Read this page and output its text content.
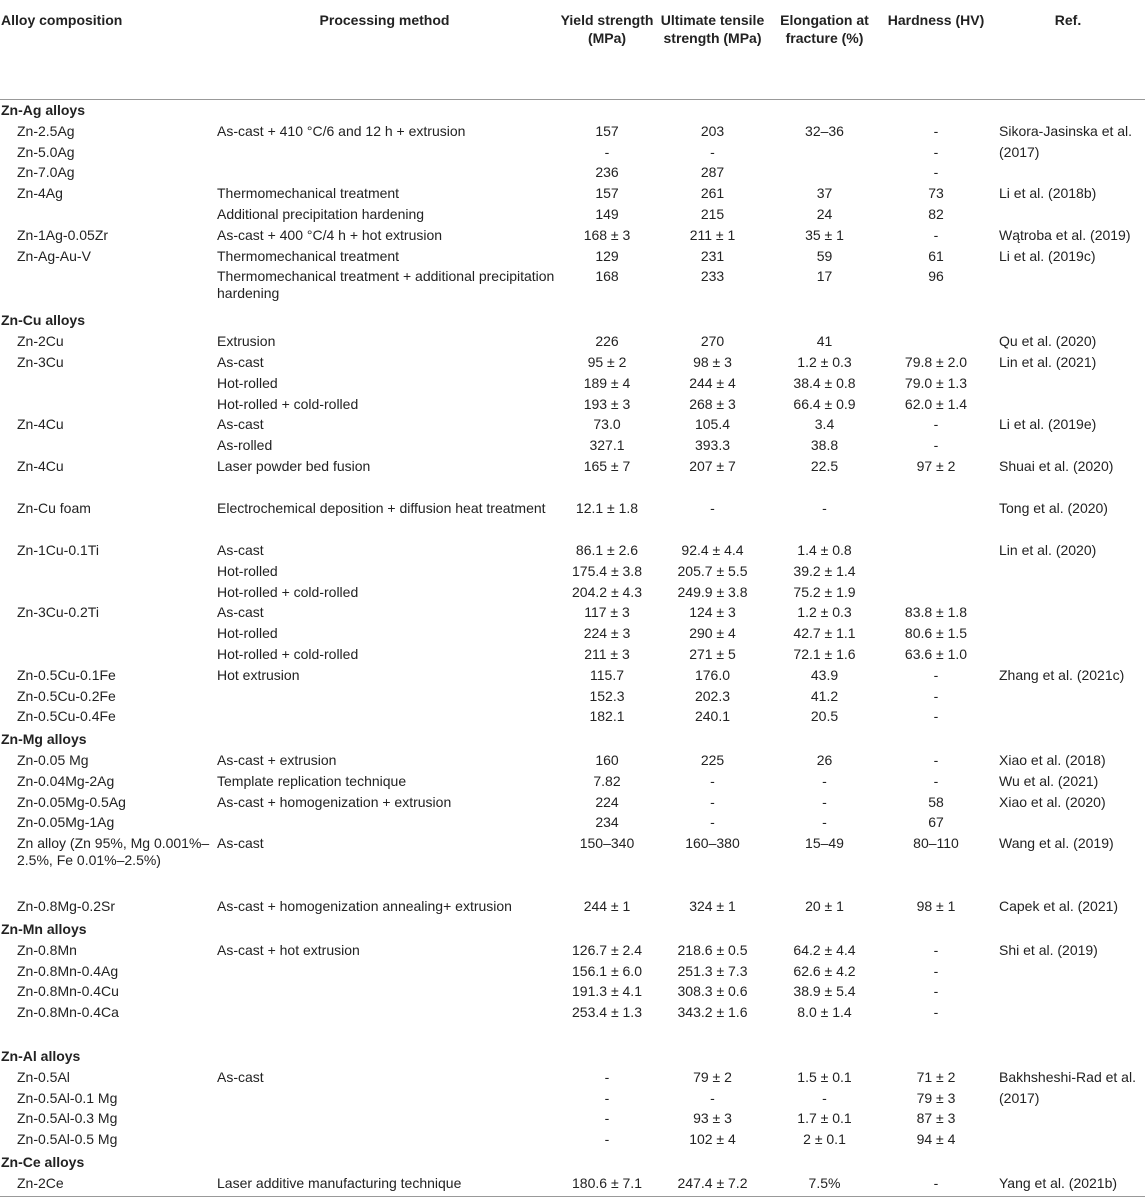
Alloy composition	Processing method	Yield strength (MPa)	Ultimate tensile strength (MPa)	Elongation at fracture (%)	Hardness (HV)	Ref.
Zn-Ag alloys						
Zn-2.5Ag	As-cast + 410 °C/6 and 12 h + extrusion	157	203	32–36	-	Sikora-Jasinska et al.
Zn-5.0Ag		-	-		-	(2017)
Zn-7.0Ag		236	287		-	
Zn-4Ag	Thermomechanical treatment	157	261	37	73	Li et al. (2018b)
	Additional precipitation hardening	149	215	24	82	
Zn-1Ag-0.05Zr	As-cast + 400 °C/4 h + hot extrusion	168 ± 3	211 ± 1	35 ± 1	-	Wątroba et al. (2019)
Zn-Ag-Au-V	Thermomechanical treatment	129	231	59	61	Li et al. (2019c)
	Thermomechanical treatment + additional precipitation hardening	168	233	17	96	
Zn-Cu alloys						
Zn-2Cu	Extrusion	226	270	41		Qu et al. (2020)
Zn-3Cu	As-cast	95 ± 2	98 ± 3	1.2 ± 0.3	79.8 ± 2.0	Lin et al. (2021)
	Hot-rolled	189 ± 4	244 ± 4	38.4 ± 0.8	79.0 ± 1.3	
	Hot-rolled + cold-rolled	193 ± 3	268 ± 3	66.4 ± 0.9	62.0 ± 1.4	
Zn-4Cu	As-cast	73.0	105.4	3.4	-	Li et al. (2019e)
	As-rolled	327.1	393.3	38.8	-	
Zn-4Cu	Laser powder bed fusion	165 ± 7	207 ± 7	22.5	97 ± 2	Shuai et al. (2020)
Zn-Cu foam	Electrochemical deposition + diffusion heat treatment	12.1 ± 1.8	-	-		Tong et al. (2020)
Zn-1Cu-0.1Ti	As-cast	86.1 ± 2.6	92.4 ± 4.4	1.4 ± 0.8		Lin et al. (2020)
	Hot-rolled	175.4 ± 3.8	205.7 ± 5.5	39.2 ± 1.4		
	Hot-rolled + cold-rolled	204.2 ± 4.3	249.9 ± 3.8	75.2 ± 1.9		
Zn-3Cu-0.2Ti	As-cast	117 ± 3	124 ± 3	1.2 ± 0.3	83.8 ± 1.8	
	Hot-rolled	224 ± 3	290 ± 4	42.7 ± 1.1	80.6 ± 1.5	
	Hot-rolled + cold-rolled	211 ± 3	271 ± 5	72.1 ± 1.6	63.6 ± 1.0	
Zn-0.5Cu-0.1Fe	Hot extrusion	115.7	176.0	43.9	-	Zhang et al. (2021c)
Zn-0.5Cu-0.2Fe		152.3	202.3	41.2	-	
Zn-0.5Cu-0.4Fe		182.1	240.1	20.5	-	
Zn-Mg alloys						
Zn-0.05 Mg	As-cast + extrusion	160	225	26	-	Xiao et al. (2018)
Zn-0.04Mg-2Ag	Template replication technique	7.82	-	-	-	Wu et al. (2021)
Zn-0.05Mg-0.5Ag	As-cast + homogenization + extrusion	224	-	-	58	Xiao et al. (2020)
Zn-0.05Mg-1Ag		234	-	-	67	
Zn alloy (Zn 95%, Mg 0.001%–2.5%, Fe 0.01%–2.5%)	As-cast	150–340	160–380	15–49	80–110	Wang et al. (2019)
Zn-0.8Mg-0.2Sr	As-cast + homogenization annealing+ extrusion	244 ± 1	324 ± 1	20 ± 1	98 ± 1	Capek et al. (2021)
Zn-Mn alloys						
Zn-0.8Mn	As-cast + hot extrusion	126.7 ± 2.4	218.6 ± 0.5	64.2 ± 4.4	-	Shi et al. (2019)
Zn-0.8Mn-0.4Ag		156.1 ± 6.0	251.3 ± 7.3	62.6 ± 4.2	-	
Zn-0.8Mn-0.4Cu		191.3 ± 4.1	308.3 ± 0.6	38.9 ± 5.4	-	
Zn-0.8Mn-0.4Ca		253.4 ± 1.3	343.2 ± 1.6	8.0 ± 1.4	-	
Zn-Al alloys						
Zn-0.5Al	As-cast	-	79 ± 2	1.5 ± 0.1	71 ± 2	Bakhsheshi-Rad et al.
Zn-0.5Al-0.1 Mg		-	-	-	79 ± 3	(2017)
Zn-0.5Al-0.3 Mg		-	93 ± 3	1.7 ± 0.1	87 ± 3	
Zn-0.5Al-0.5 Mg		-	102 ± 4	2 ± 0.1	94 ± 4	
Zn-Ce alloys						
Zn-2Ce	Laser additive manufacturing technique	180.6 ± 7.1	247.4 ± 7.2	7.5%	-	Yang et al. (2021b)
